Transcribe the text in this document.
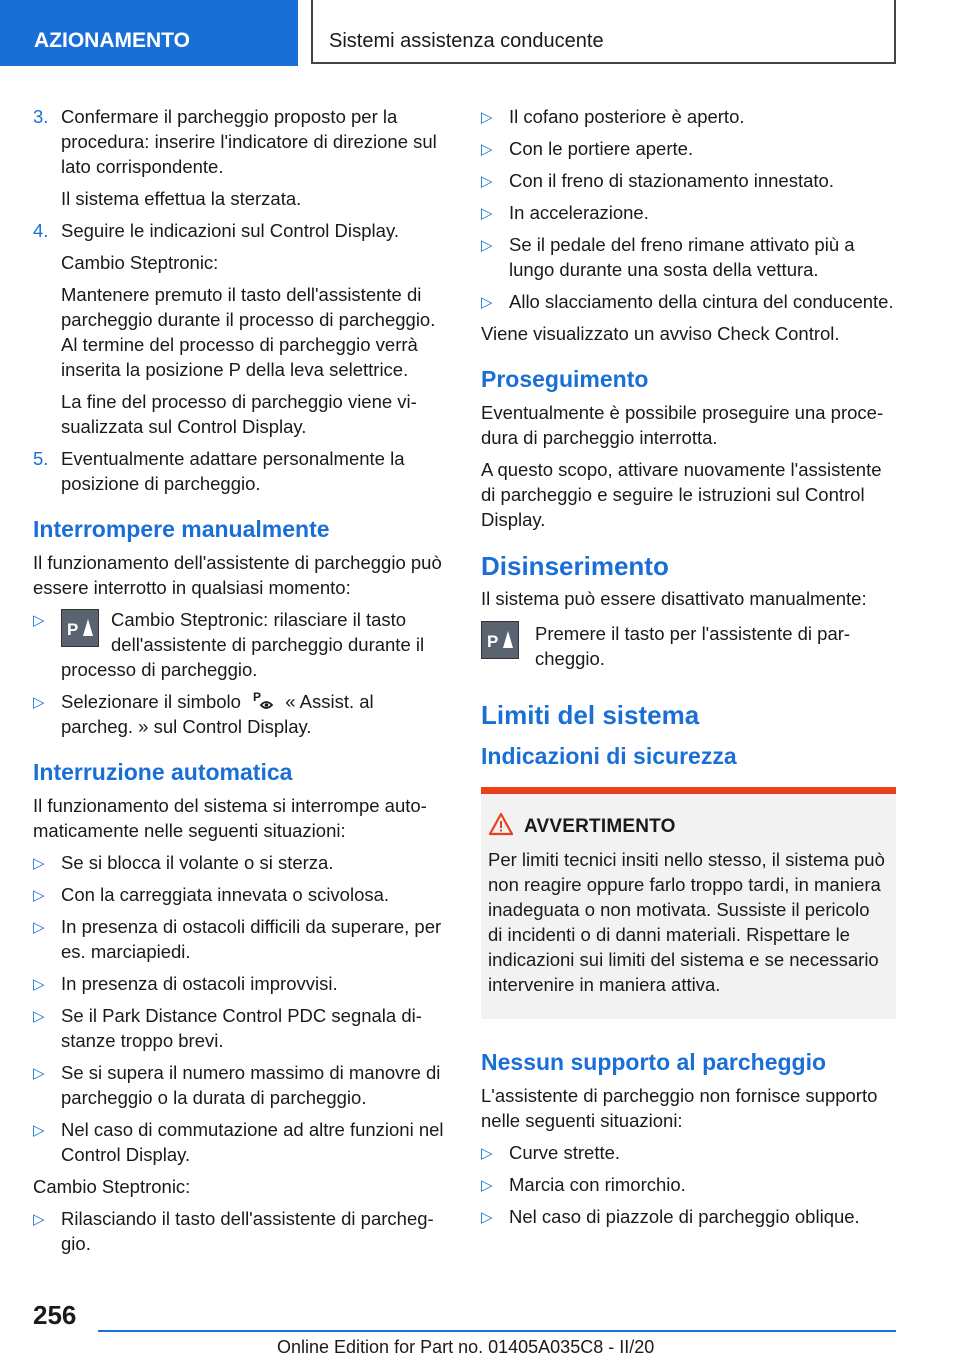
AZIONAMENTO	Sistemi assistenza conducente
3. Confermare il parcheggio proposto per la procedura: inserire l'indicatore di direzione sul lato corrispondente.

Il sistema effettua la sterzata.

4. Seguire le indicazioni sul Control Display.

Cambio Steptronic:

Mantenere premuto il tasto dell'assistente di parcheggio durante il processo di parcheggio. Al termine del processo di parcheggio verrà inserita la posizione P della leva selettrice.

La fine del processo di parcheggio viene visualizzata sul Control Display.

5. Eventualmente adattare personalmente la posizione di parcheggio.
Interrompere manualmente

Il funzionamento dell'assistente di parcheggio può essere interrotto in qualsiasi momento:

▷ P Cambio Steptronic: rilasciare il tasto dell'assistente di parcheggio durante il processo di parcheggio.
▷ Selezionare il simbolo P « Assist. al parcheg. » sul Control Display.
Interruzione automatica

Il funzionamento del sistema si interrompe automaticamente nelle seguenti situazioni:

▷ Se si blocca il volante o si sterza.
▷ Con la carreggiata innevata o scivolosa.
▷ In presenza di ostacoli difficili da superare, per es. marciapiedi.
▷ In presenza di ostacoli improvvisi.
▷ Se il Park Distance Control PDC segnala distanze troppo brevi.
▷ Se si supera il numero massimo di manovre di parcheggio o la durata di parcheggio.
▷ Nel caso di commutazione ad altre funzioni nel Control Display.

Cambio Steptronic:

▷ Rilasciando il tasto dell'assistente di parcheggio.
▷ Il cofano posteriore è aperto.
▷ Con le portiere aperte.
▷ Con il freno di stazionamento innestato.
▷ In accelerazione.
▷ Se il pedale del freno rimane attivato più a lungo durante una sosta della vettura.
▷ Allo slacciamento della cintura del conducente.

Viene visualizzato un avviso Check Control.

Proseguimento

Eventualmente è possibile proseguire una procedura di parcheggio interrotta.

A questo scopo, attivare nuovamente l'assistente di parcheggio e seguire le istruzioni sul Control Display.

Disinserimento

Il sistema può essere disattivato manualmente:

P	Premere il tasto per l'assistente di parcheggio.
Limiti del sistema
Indicazioni di sicurezza
AVVERTIMENTO
Per limiti tecnici insiti nello stesso, il sistema può non reagire oppure farlo troppo tardi, in maniera inadeguata o non motivata. Sussiste il pericolo di incidenti o di danni materiali. Rispettare le indicazioni sui limiti del sistema e se necessario intervenire in maniera attiva.
Nessun supporto al parcheggio

L'assistente di parcheggio non fornisce supporto nelle seguenti situazioni:

▷ Curve strette.
▷ Marcia con rimorchio.
▷ Nel caso di piazzole di parcheggio oblique.
256
Online Edition for Part no. 01405A035C8 - II/20
